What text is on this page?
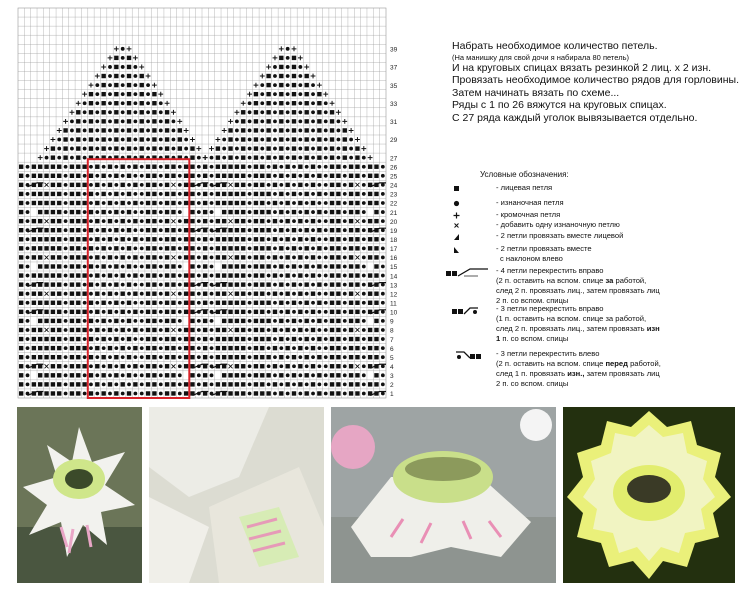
39
37
35
33
31
29
27
26
25
24
23
22
21
20
19
18
17
16
15
14
13
12
11
10
9
8
7
6
5
4
3
2
1
Набрать необходимое количество петель.
(На манишку для свой дочи я набирала 80 петель)
И на круговых спицах вязать резинкой 2 лиц. х 2 изн.
Провязать необходимое количество рядов для горловины.
Затем начинать вязать по схеме...
Ряды с 1 по 26 вяжутся на круговых спицах.
С 27 ряда каждый уголок вывязывается отдельно.
Условные обозначения:
- лицевая петля
- изнаночная петля
- кромочная петля
- добавить одну изнаночную петлю
- 2 петли провязать вместе лицевой
- 2 петли провязать вместе
с наклоном влево
- 4 петли перекрестить вправо
(2 п. оставить на вспом. спице за работой,
след 2 п. провязать лиц., затем провязать лиц
2 п. со вспом. спицы
- 3 петли перекрестить вправо
(1 п. оставить на вспом. спице за работой,
след 2 п. провязать лиц., затем провязать изн
1 п. со вспом. спицы
- 3 петли перекрестить влево
(2 п. оставить на вспом. спице перед работой,
след 1 п. провязать изн., затем провязать лиц
2 п. со вспом. спицы
